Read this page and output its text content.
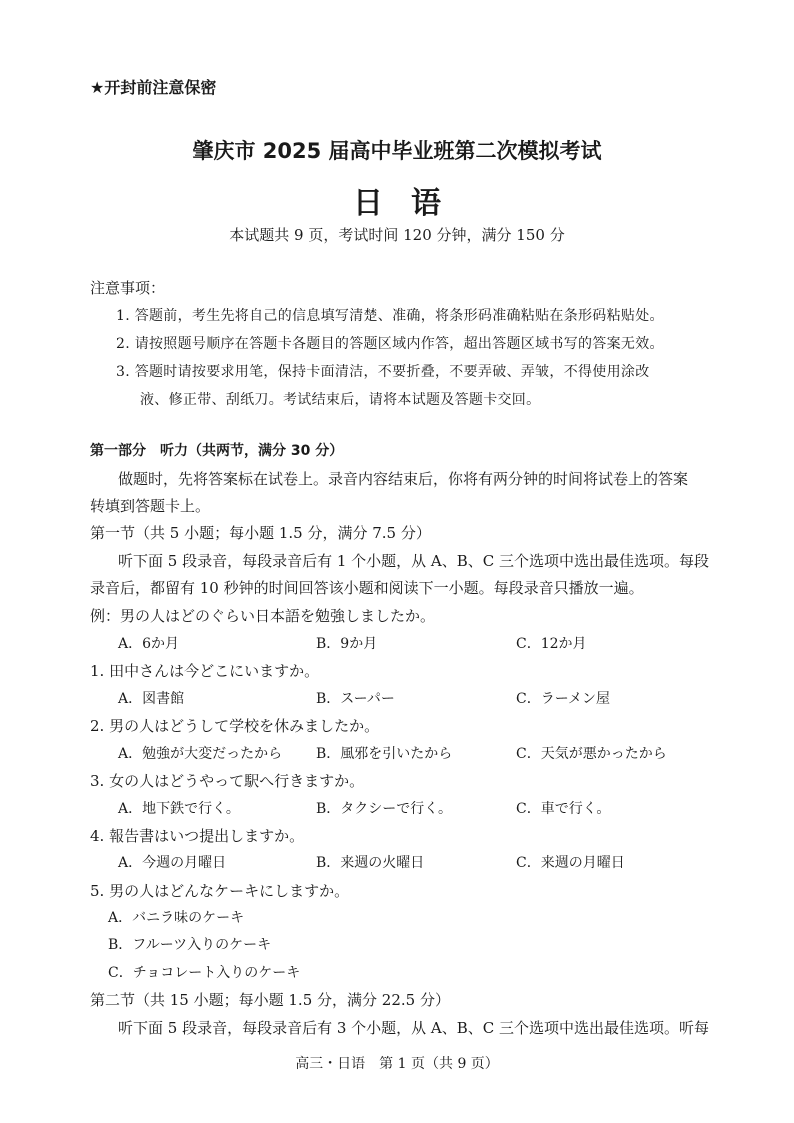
★开封前注意保密
肇庆市 2025 届高中毕业班第二次模拟考试
日语
本试题共 9 页，考试时间 120 分钟，满分 150 分
注意事项：
1. 答题前，考生先将自己的信息填写清楚、准确，将条形码准确粘贴在条形码粘贴处。
2. 请按照题号顺序在答题卡各题目的答题区域内作答，超出答题区域书写的答案无效。
3. 答题时请按要求用笔，保持卡面清洁，不要折叠，不要弄破、弄皱，不得使用涂改
液、修正带、刮纸刀。考试结束后，请将本试题及答题卡交回。
第一部分　听力（共两节，满分 30 分）
做题时，先将答案标在试卷上。录音内容结束后，你将有两分钟的时间将试卷上的答案
转填到答题卡上。
第一节（共 5 小题；每小题 1.5 分，满分 7.5 分）
听下面 5 段录音，每段录音后有 1 个小题，从 A、B、C 三个选项中选出最佳选项。每段
录音后，都留有 10 秒钟的时间回答该小题和阅读下一小题。每段录音只播放一遍。
例：男の人はどのぐらい日本語を勉強しましたか。
A．6か月	B．9か月	C．12か月
1. 田中さんは今どこにいますか。
A．図書館	B．スーパー	C．ラーメン屋
2. 男の人はどうして学校を休みましたか。
A．勉強が大変だったから B．風邪を引いたから	C．天気が悪かったから
3. 女の人はどうやって駅へ行きますか。
A．地下鉄で行く。	B．タクシーで行く。	C．車で行く。
4. 報告書はいつ提出しますか。
A．今週の月曜日	B．来週の火曜日	C．来週の月曜日
5. 男の人はどんなケーキにしますか。
A．バニラ味のケーキ
B．フルーツ入りのケーキ
C．チョコレート入りのケーキ
第二节（共 15 小题；每小题 1.5 分，满分 22.5 分）
听下面 5 段录音，每段录音后有 3 个小题，从 A、B、C 三个选项中选出最佳选项。听每
高三・日语　第 1 页（共 9 页）
